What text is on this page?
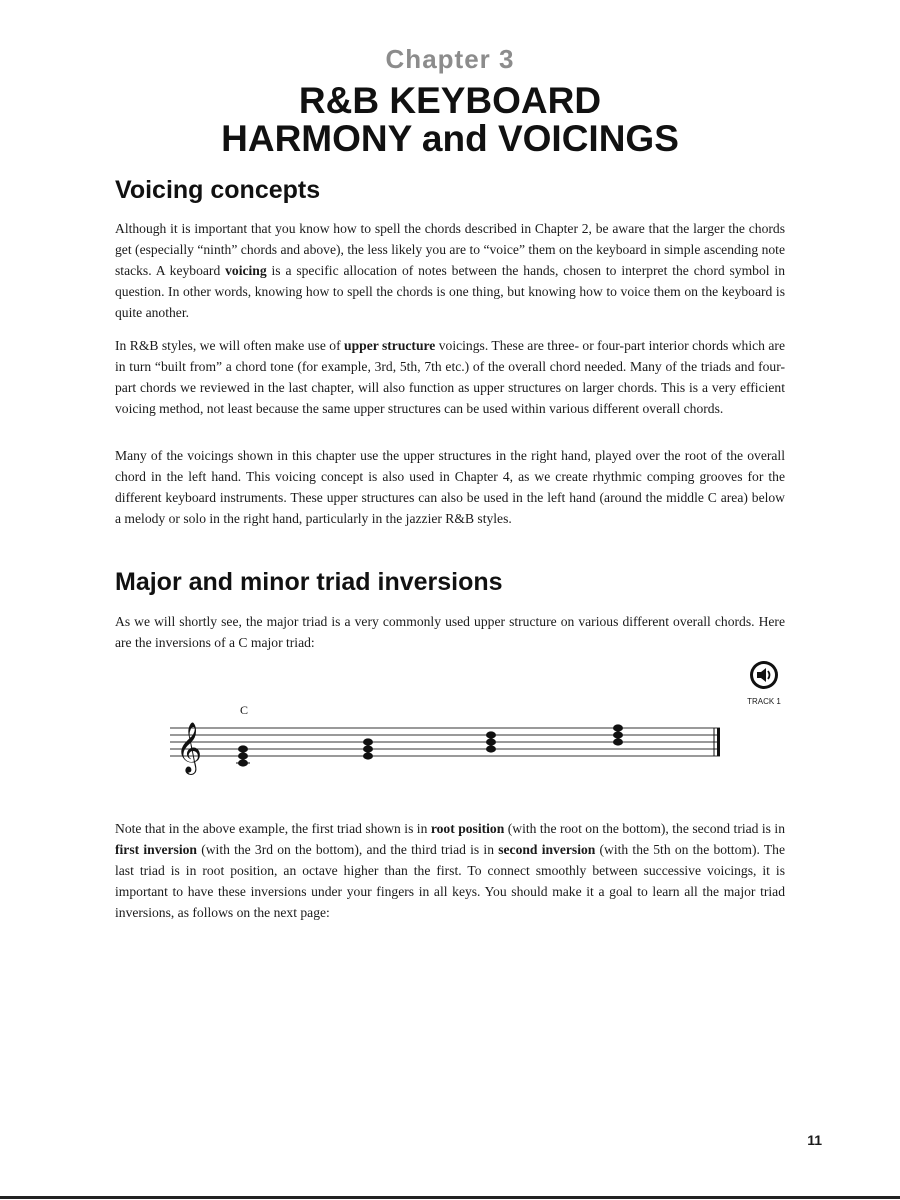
Chapter 3
R&B KEYBOARD
HARMONY and VOICINGS
Voicing concepts

Although it is important that you know how to spell the chords described in Chapter 2, be aware that the larger the chords get (especially “ninth” chords and above), the less likely you are to “voice” them on the keyboard in simple ascending note stacks. A keyboard voicing is a specific allocation of notes between the hands, chosen to interpret the chord symbol in question. In other words, knowing how to spell the chords is one thing, but knowing how to voice them on the keyboard is quite another.

In R&B styles, we will often make use of upper structure voicings. These are three- or four-part interior chords which are in turn “built from” a chord tone (for example, 3rd, 5th, 7th etc.) of the overall chord needed. Many of the triads and four-part chords we reviewed in the last chapter, will also function as upper structures on larger chords. This is a very efficient voicing method, not least because the same upper structures can be used within various different overall chords.

Many of the voicings shown in this chapter use the upper structures in the right hand, played over the root of the overall chord in the left hand. This voicing concept is also used in Chapter 4, as we create rhythmic comping grooves for the different keyboard instruments. These upper structures can also be used in the left hand (around the middle C area) below a melody or solo in the right hand, particularly in the jazzier R&B styles.

Major and minor triad inversions

As we will shortly see, the major triad is a very commonly used upper structure on various different overall chords. Here are the inversions of a C major triad:

TRACK 1
𝄞
C

Note that in the above example, the first triad shown is in root position (with the root on the bottom), the second triad is in first inversion (with the 3rd on the bottom), and the third triad is in second inversion (with the 5th on the bottom). The last triad is in root position, an octave higher than the first. To connect smoothly between successive voicings, it is important to have these inversions under your fingers in all keys. You should make it a goal to learn all the major triad inversions, as follows on the next page:

11
